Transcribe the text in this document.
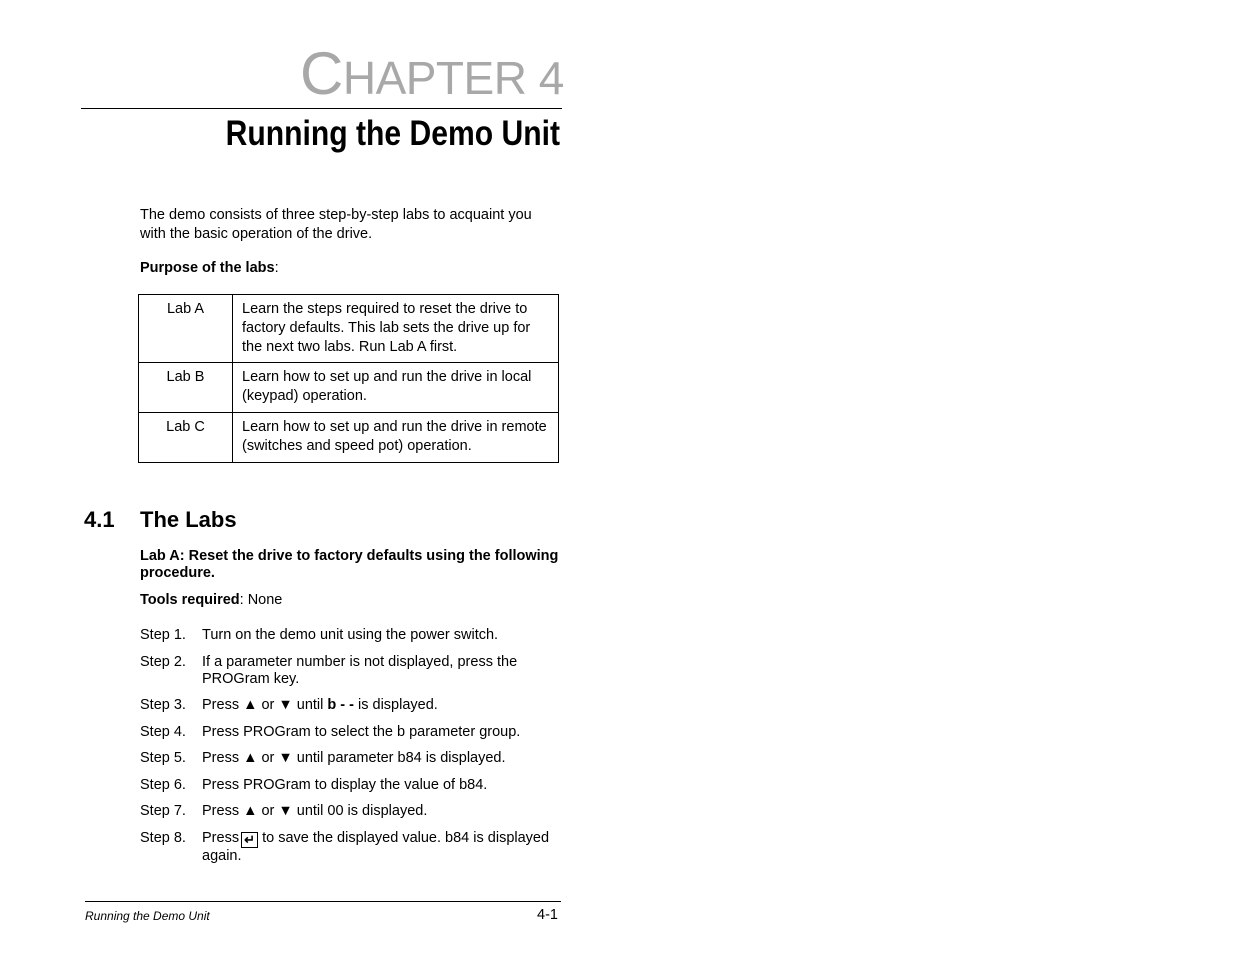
CHAPTER 4
Running the Demo Unit
The demo consists of three step-by-step labs to acquaint you with the basic operation of the drive.
Purpose of the labs:
Lab A	Learn the steps required to reset the drive to factory defaults. This lab sets the drive up for the next two labs. Run Lab A first.
Lab B	Learn how to set up and run the drive in local (keypad) operation.
Lab C	Learn how to set up and run the drive in remote (switches and speed pot) operation.
4.1 The Labs
Lab A: Reset the drive to factory defaults using the following procedure.
Tools required: None
Step 1.	Turn on the demo unit using the power switch.
Step 2.	If a parameter number is not displayed, press the PROGram key.
Step 3.	Press ▲ or ▼ until b - - is displayed.
Step 4.	Press PROGram to select the b parameter group.
Step 5.	Press ▲ or ▼ until parameter b84 is displayed.
Step 6.	Press PROGram to display the value of b84.
Step 7.	Press ▲ or ▼ until 00 is displayed.
Step 8.	Press ↵ to save the displayed value. b84 is displayed again.
Running the Demo Unit	4-1
